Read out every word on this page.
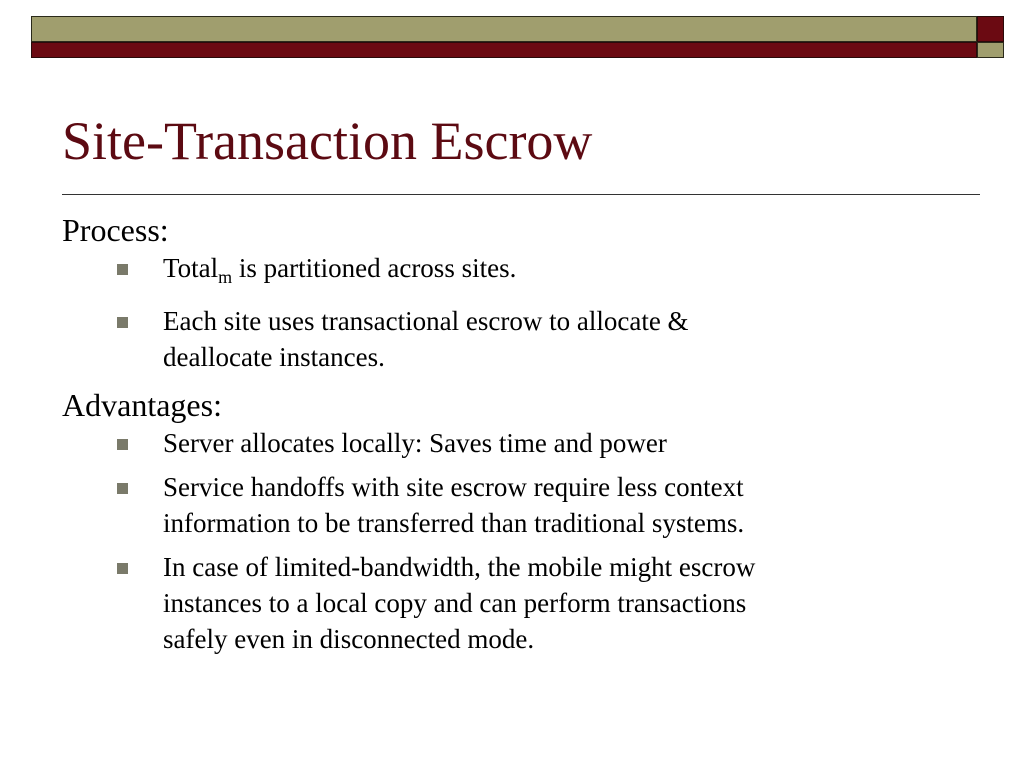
Site-Transaction Escrow

Process:

Total$_m$ is partitioned across sites.
Each site uses transactional escrow to allocate &
deallocate instances.

Advantages:

Server allocates locally: Saves time and power
Service handoffs with site escrow require less context
information to be transferred than traditional systems.
In case of limited-bandwidth, the mobile might escrow
instances to a local copy and can perform transactions
safely even in disconnected mode.
